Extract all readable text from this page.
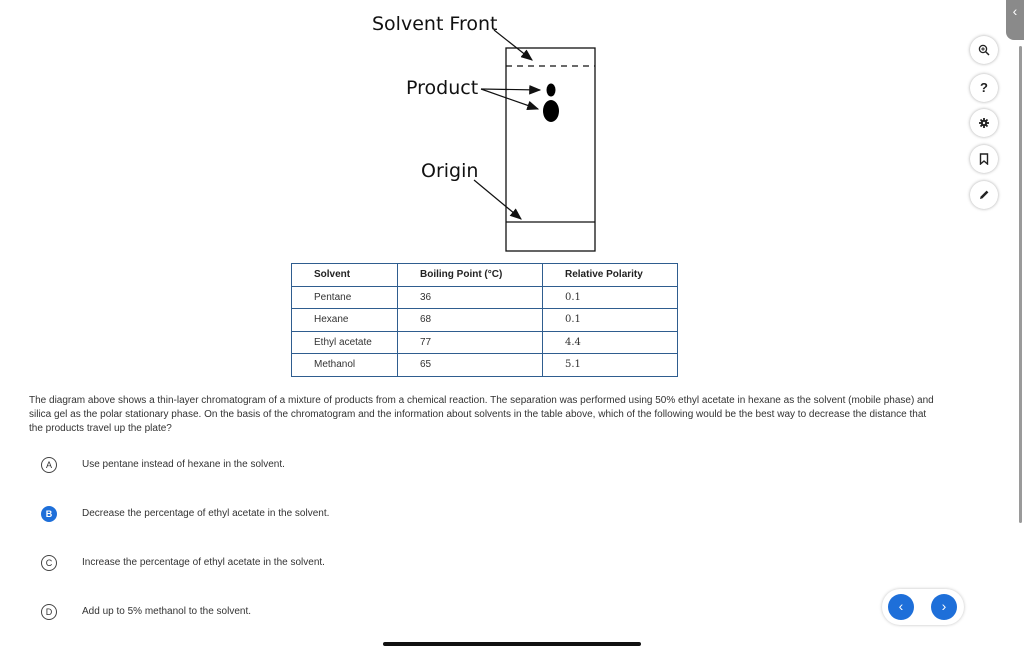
‹
Solvent Front
Product
Origin
Solvent	Boiling Point (°C)	Relative Polarity
Pentane	36	0.1
Hexane	68	0.1
Ethyl acetate	77	4.4
Methanol	65	5.1
The diagram above shows a thin-layer chromatogram of a mixture of products from a chemical reaction. The separation was performed using 50% ethyl acetate in hexane as the solvent (mobile phase) and silica gel as the polar stationary phase. On the basis of the chromatogram and the information about solvents in the table above, which of the following would be the best way to decrease the distance that the products travel up the plate?
A	Use pentane instead of hexane in the solvent.
B	Decrease the percentage of ethyl acetate in the solvent.
C	Increase the percentage of ethyl acetate in the solvent.
D	Add up to 5% methanol to the solvent.
?
‹	›
